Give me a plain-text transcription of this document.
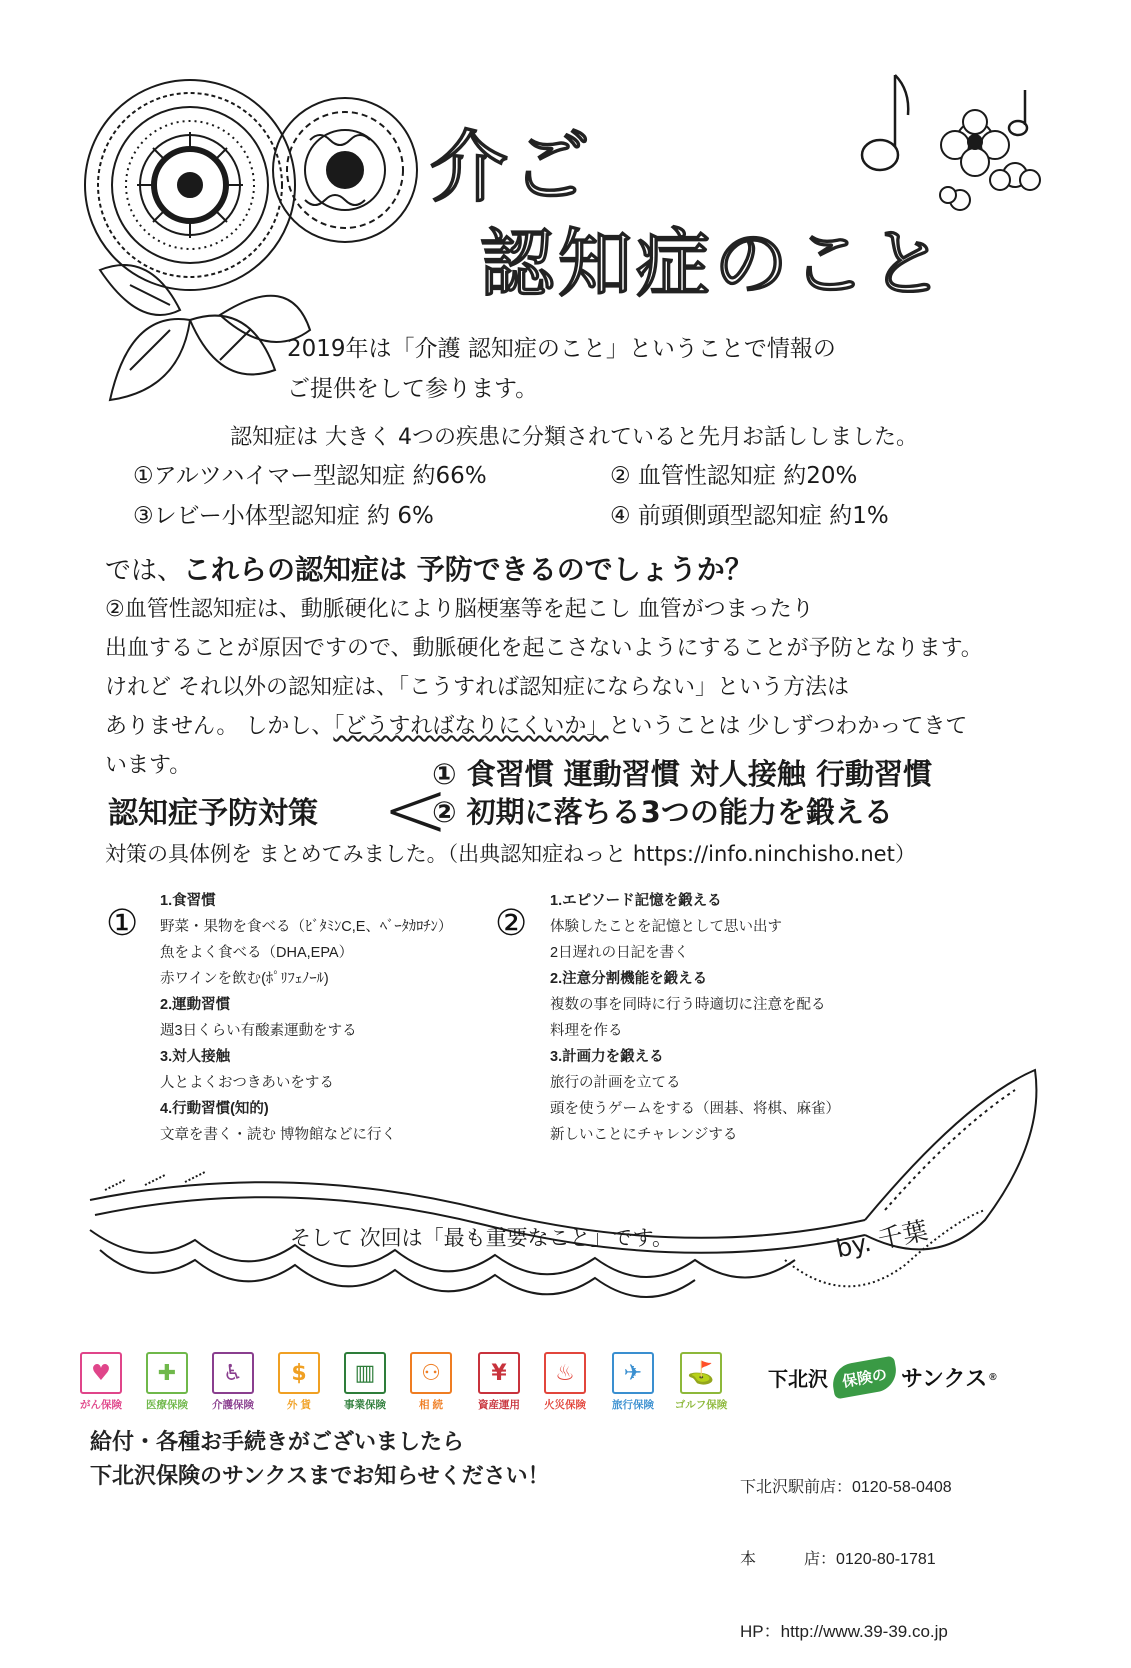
介ご
認知症のこと
2019年は「介護 認知症のこと」ということで情報の
ご提供をして参ります。
認知症は 大きく 4つの疾患に分類されていると先月お話ししました。
①アルツハイマー型認知症 約66%	② 血管性認知症 約20%
③レビー小体型認知症 約 6%	④ 前頭側頭型認知症 約1%
では、これらの認知症は 予防できるのでしょうか？
②血管性認知症は、動脈硬化により脳梗塞等を起こし 血管がつまったり
出血することが原因ですので、動脈硬化を起こさないようにすることが予防となります。
けれど それ以外の認知症は、「こうすれば認知症にならない」という方法は
ありません。 しかし、「どうすればなりにくいか」ということは 少しずつわかってきて
います。
認知症予防対策 <
① 食習慣 運動習慣 対人接触 行動習慣
② 初期に落ちる3つの能力を鍛える
対策の具体例を まとめてみました。（出典認知症ねっと https://info.ninchisho.net）
①
1.食習慣
野菜・果物を食べる（ﾋﾞﾀﾐﾝC,E、ﾍﾞｰﾀｶﾛﾁﾝ）
魚をよく食べる（DHA,EPA）
赤ワインを飲む(ﾎﾟﾘﾌｪﾉｰﾙ)
2.運動習慣
週3日くらい有酸素運動をする
3.対人接触
人とよくおつきあいをする
4.行動習慣(知的)
文章を書く・読む 博物館などに行く
②
1.エピソード記憶を鍛える
体験したことを記憶として思い出す
2日遅れの日記を書く
2.注意分割機能を鍛える
複数の事を同時に行う時適切に注意を配る
料理を作る
3.計画力を鍛える
旅行の計画を立てる
頭を使うゲームをする（囲碁、将棋、麻雀）
新しいことにチャレンジする
そして 次回は「最も重要なこと」です。	by. 千葉
♥
がん保険
✚
医療保険
♿
介護保険
$
外 貨
▥
事業保険
⚇
相 続
¥
資産運用
♨
火災保険
✈
旅行保険
⛳
ゴルフ保険
下北沢 保険の サンクス ®
給付・各種お手続きがございましたら
下北沢保険のサンクスまでお知らせください！

	下北沢駅前店：0120-58-0408

本　　　店：0120-80-1781

HP：http://www.39-39.co.jp
